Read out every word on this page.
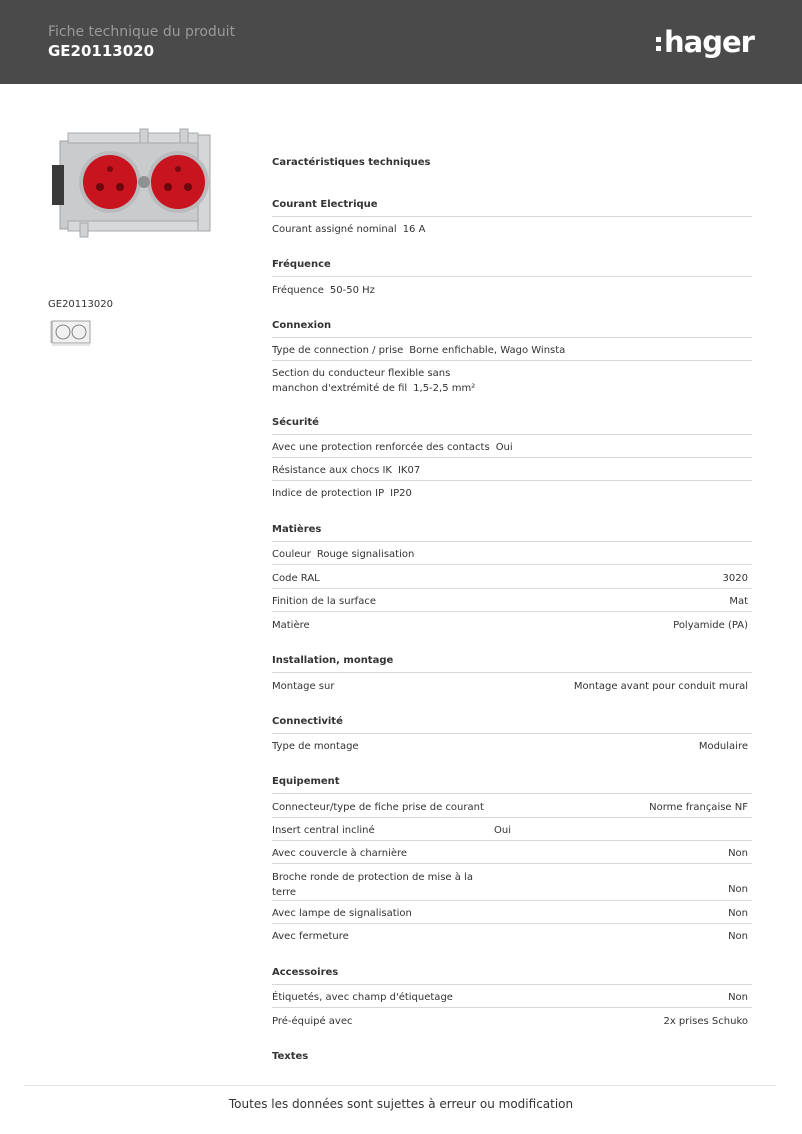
Fiche technique du produit
GE20113020	hager
GE20113020
Caractéristiques techniques
Courant Electrique
Courant assigné nominal 16 A
Fréquence
Fréquence 50-50 Hz
Connexion
Type de connection / prise Borne enfichable, Wago Winsta
Section du conducteur flexible sans
manchon d'extrémité de fil 1,5-2,5 mm²
Sécurité
Avec une protection renforcée des contacts Oui
Résistance aux chocs IK IK07
Indice de protection IP IP20
Matières
Couleur Rouge signalisation
Code RAL	3020
Finition de la surface	Mat
Matière	Polyamide (PA)
Installation, montage
Montage sur	Montage avant pour conduit mural
Connectivité
Type de montage	Modulaire
Equipement
Connecteur/type de fiche prise de courant	Norme française NF
Insert central incliné	Oui
Avec couvercle à charnière	Non
Broche ronde de protection de mise à la
terre	Non
Avec lampe de signalisation	Non
Avec fermeture	Non
Accessoires
Étiquetés, avec champ d'étiquetage	Non
Pré-équipé avec	2x prises Schuko
Textes
Toutes les données sont sujettes à erreur ou modification
